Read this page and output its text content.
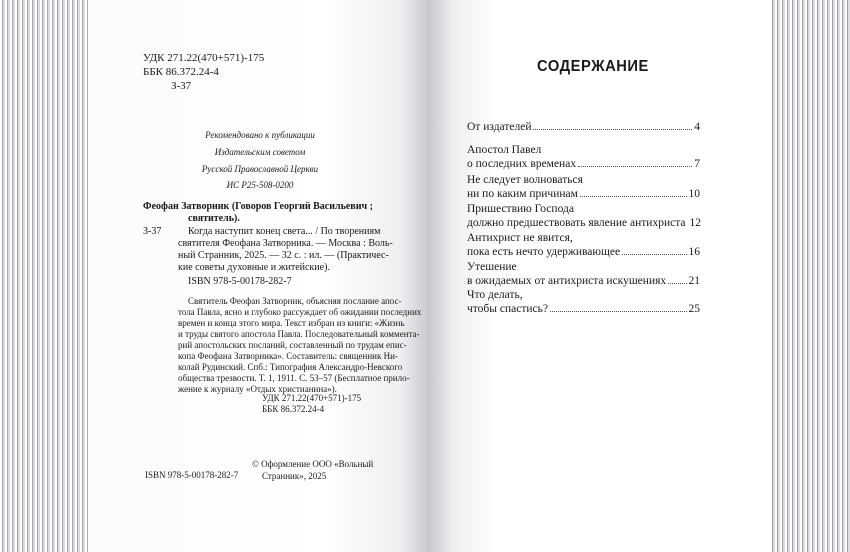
УДК 271.22(470+571)-175
ББК 86.372.24-4
З-37
Рекомендовано к публикации
Издательским советом
Русской Православной Церкви
ИС Р25-508-0200
Феофан Затворник (Говоров Георгий Васильевич ;
святитель).
З-37	Когда наступит конец света... / По творениям
святителя Феофана Затворника. — Москва : Воль-
ный Странник, 2025. — 32 с. : ил. — (Практичес-
кие советы духовные и житейские).
ISBN 978-5-00178-282-7
Святитель Феофан Затворник, объясняя послание апос-
тола Павла, ясно и глубоко рассуждает об ожидании последних
времен и конца этого мира. Текст избран из книги: «Жизнь
и труды святого апостола Павла. Последовательный коммента-
рий апостольских посланий, составленный по трудам епис-
копа Феофана Затворника». Составитель: священник Ни-
колай Рудинский. Спб.: Типография Александро-Невского
общества трезвости. Т. 1, 1911. С. 53–57 (Бесплатное прило-
жение к журналу «Отдых христианина»).
УДК 271.22(470+571)-175
ББК 86.372.24-4
ISBN 978-5-00178-282-7
© Оформление ООО «Вольный
Странник», 2025
СОДЕРЖАНИЕ
От издателей	4
Апостол Павел
о последних временах	7
Не следует волноваться
ни по каким причинам	10
Пришествию Господа
должно предшествовать явление антихриста 12
Антихрист не явится,
пока есть нечто удерживающее	16
Утешение
в ожидаемых от антихриста искушениях 21
Что делать,
чтобы спастись?	25
